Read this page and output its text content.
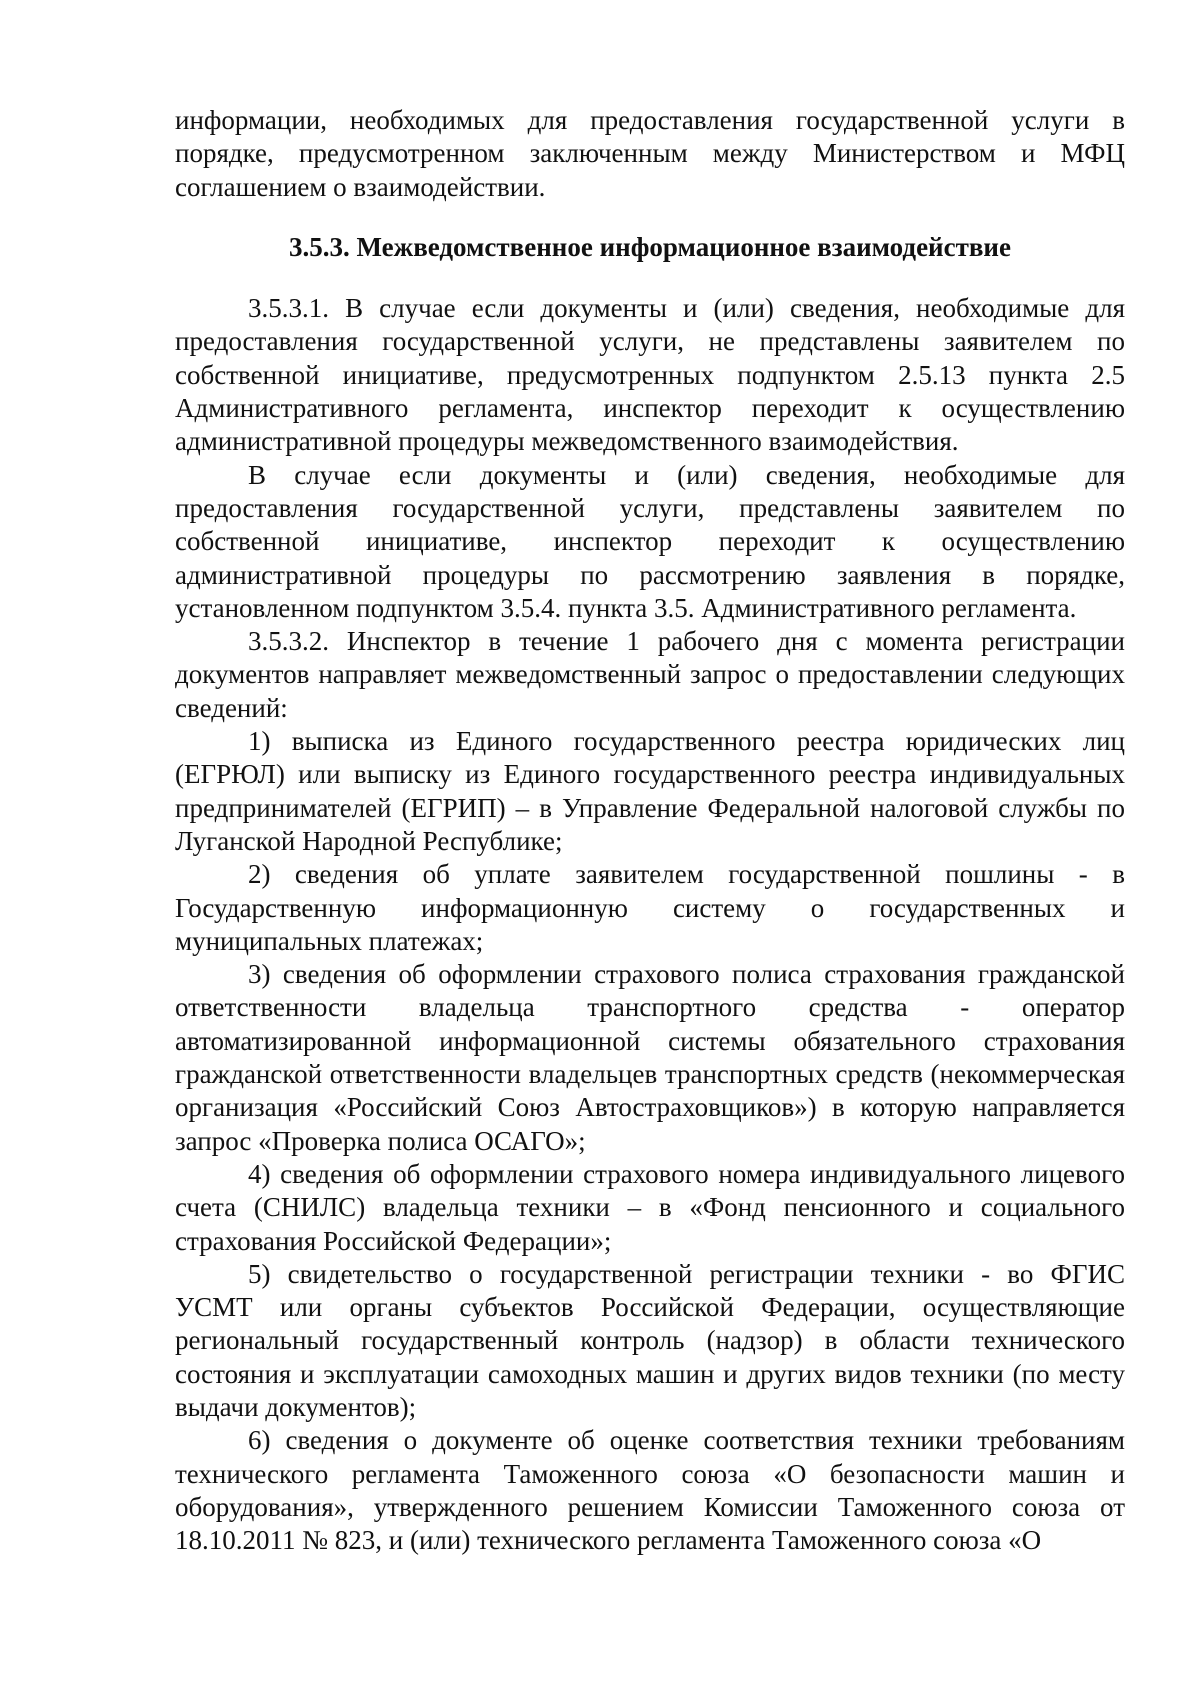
информации, необходимых для предоставления государственной услуги в порядке, предусмотренном заключенным между Министерством и МФЦ соглашением о взаимодействии.

3.5.3. Межведомственное информационное взаимодействие

3.5.3.1. В случае если документы и (или) сведения, необходимые для предоставления государственной услуги, не представлены заявителем по собственной инициативе, предусмотренных подпунктом 2.5.13 пункта 2.5 Административного регламента, инспектор переходит к осуществлению административной процедуры межведомственного взаимодействия.

В случае если документы и (или) сведения, необходимые для предоставления государственной услуги, представлены заявителем по собственной инициативе, инспектор переходит к осуществлению административной процедуры по рассмотрению заявления в порядке, установленном подпунктом 3.5.4. пункта 3.5. Административного регламента.

3.5.3.2. Инспектор в течение 1 рабочего дня с момента регистрации документов направляет межведомственный запрос о предоставлении следующих сведений:

1) выписка из Единого государственного реестра юридических лиц (ЕГРЮЛ) или выписку из Единого государственного реестра индивидуальных предпринимателей (ЕГРИП) – в Управление Федеральной налоговой службы по Луганской Народной Республике;

2) сведения об уплате заявителем государственной пошлины - в Государственную информационную систему о государственных и муниципальных платежах;

3) сведения об оформлении страхового полиса страхования гражданской ответственности владельца транспортного средства - оператор автоматизированной информационной системы обязательного страхования гражданской ответственности владельцев транспортных средств (некоммерческая организация «Российский Союз Автостраховщиков») в которую направляется запрос «Проверка полиса ОСАГО»;

4) сведения об оформлении страхового номера индивидуального лицевого счета (СНИЛС) владельца техники – в «Фонд пенсионного и социального страхования Российской Федерации»;

5) свидетельство о государственной регистрации техники - во ФГИС УСМТ или органы субъектов Российской Федерации, осуществляющие региональный государственный контроль (надзор) в области технического состояния и эксплуатации самоходных машин и других видов техники (по месту выдачи документов);

6) сведения о документе об оценке соответствия техники требованиям технического регламента Таможенного союза «О безопасности машин и оборудования», утвержденного решением Комиссии Таможенного союза от 18.10.2011 № 823, и (или) технического регламента Таможенного союза «О
